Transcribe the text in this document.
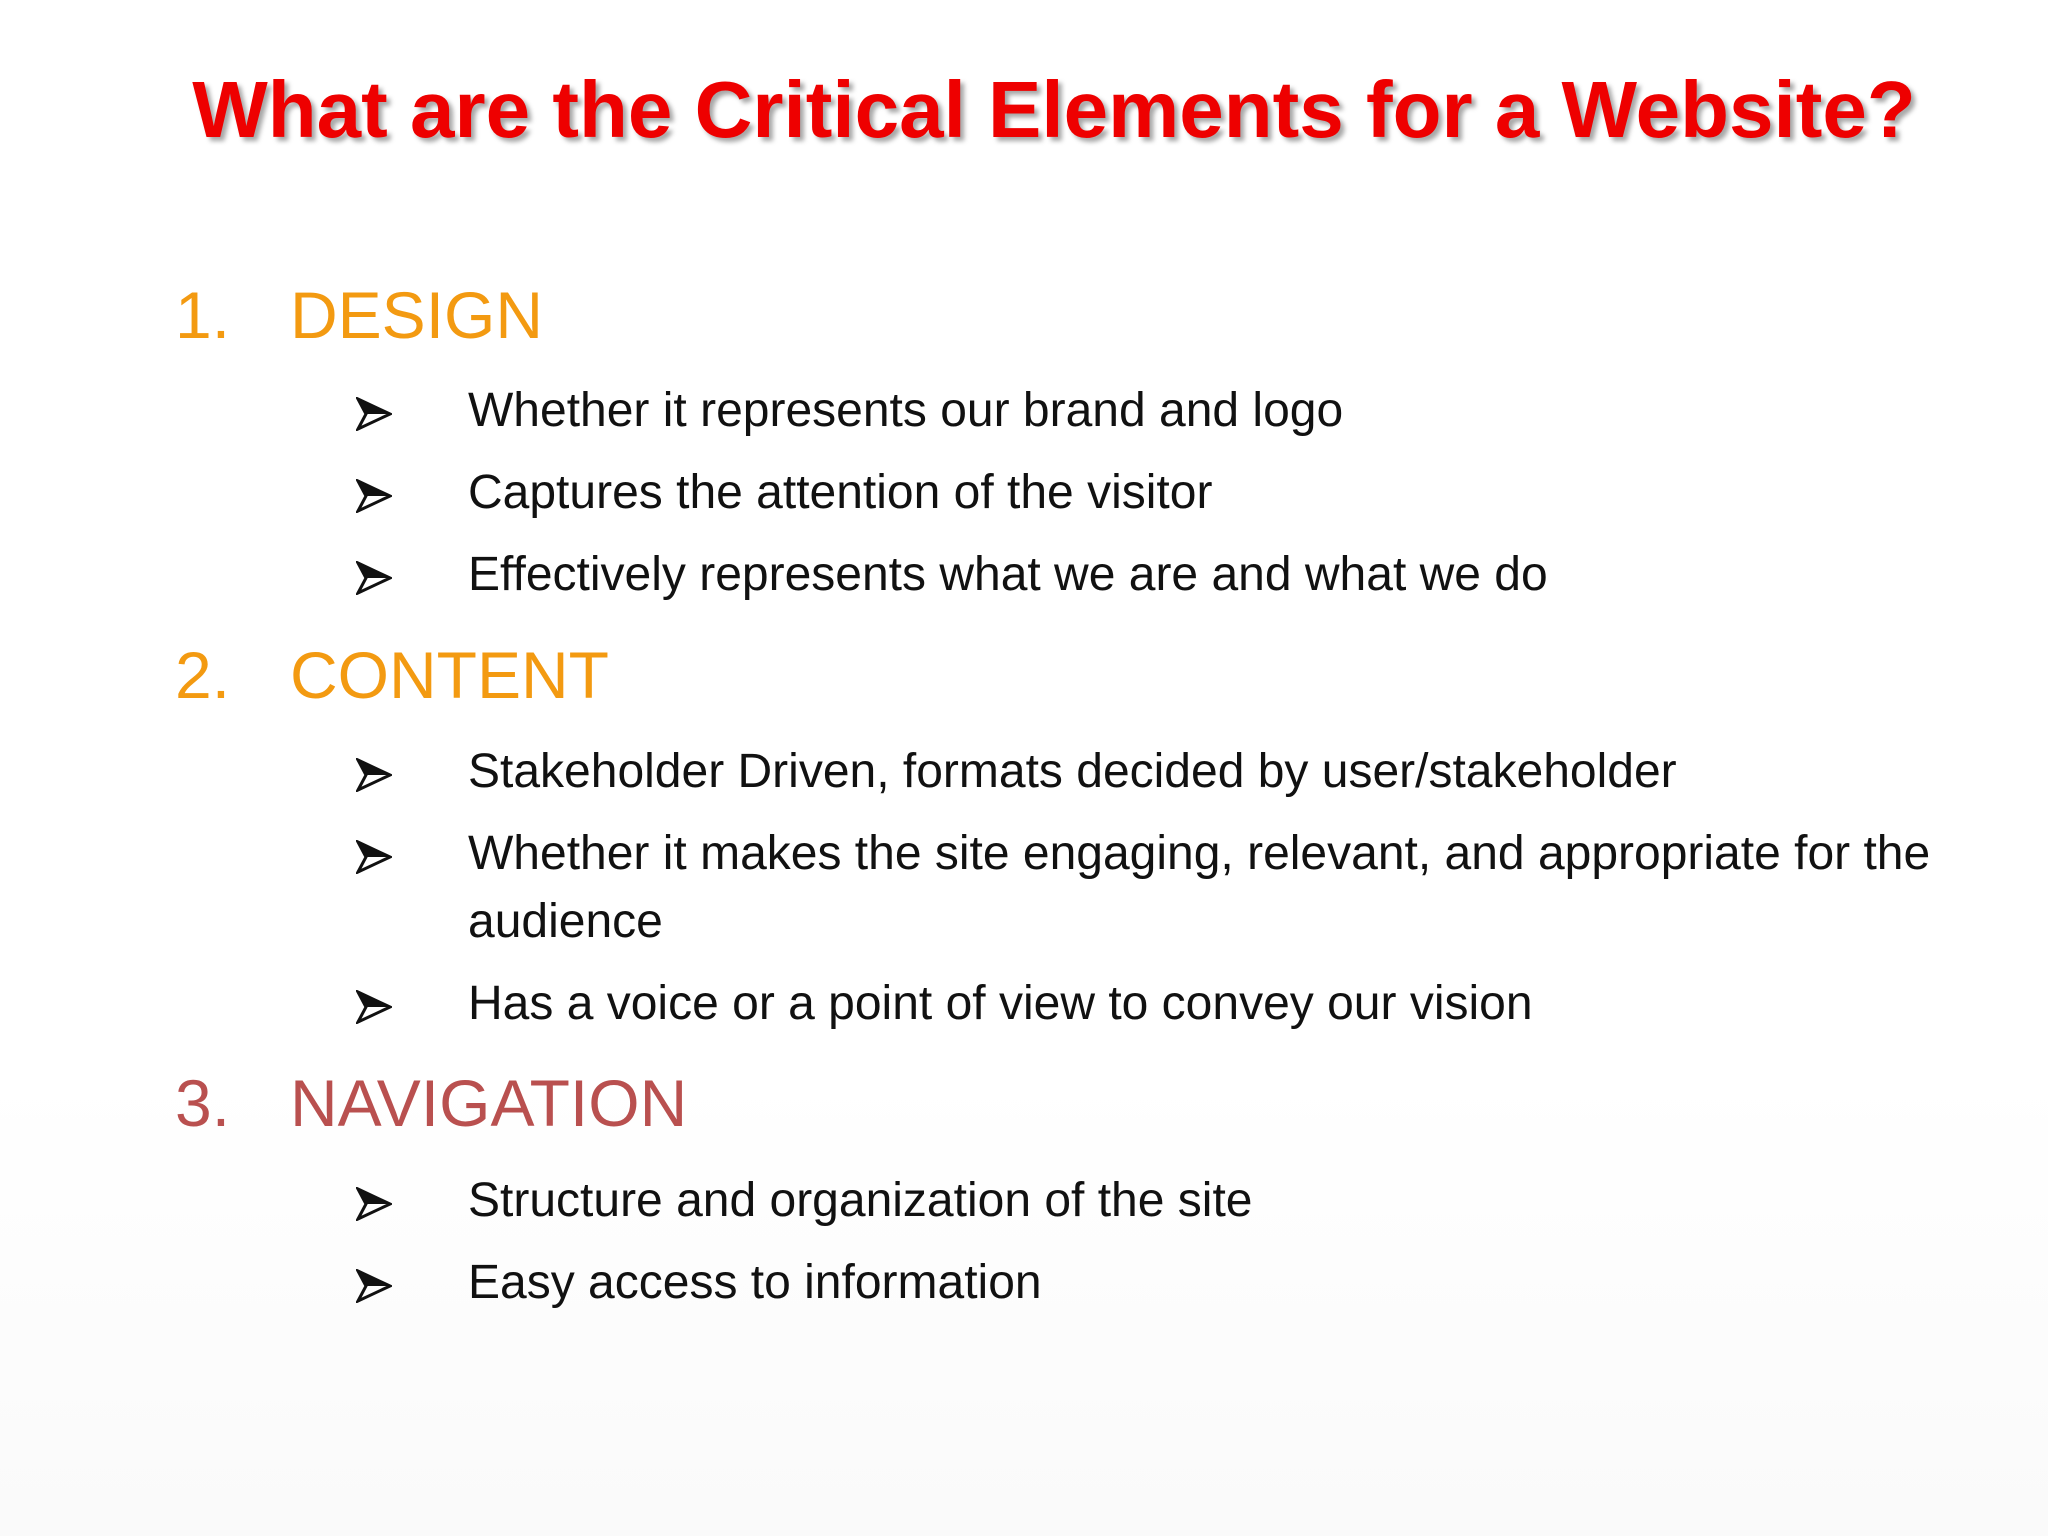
What are the Critical Elements for a Website?
1. DESIGN
Whether it represents our brand and logo
Captures the attention of the visitor
Effectively represents what we are and what we do
2. CONTENT
Stakeholder Driven, formats decided by user/stakeholder
Whether it makes the site engaging, relevant, and appropriate for the audience
Has a voice or a point of view to convey our vision
3. NAVIGATION
Structure and organization of the site
Easy access to information
